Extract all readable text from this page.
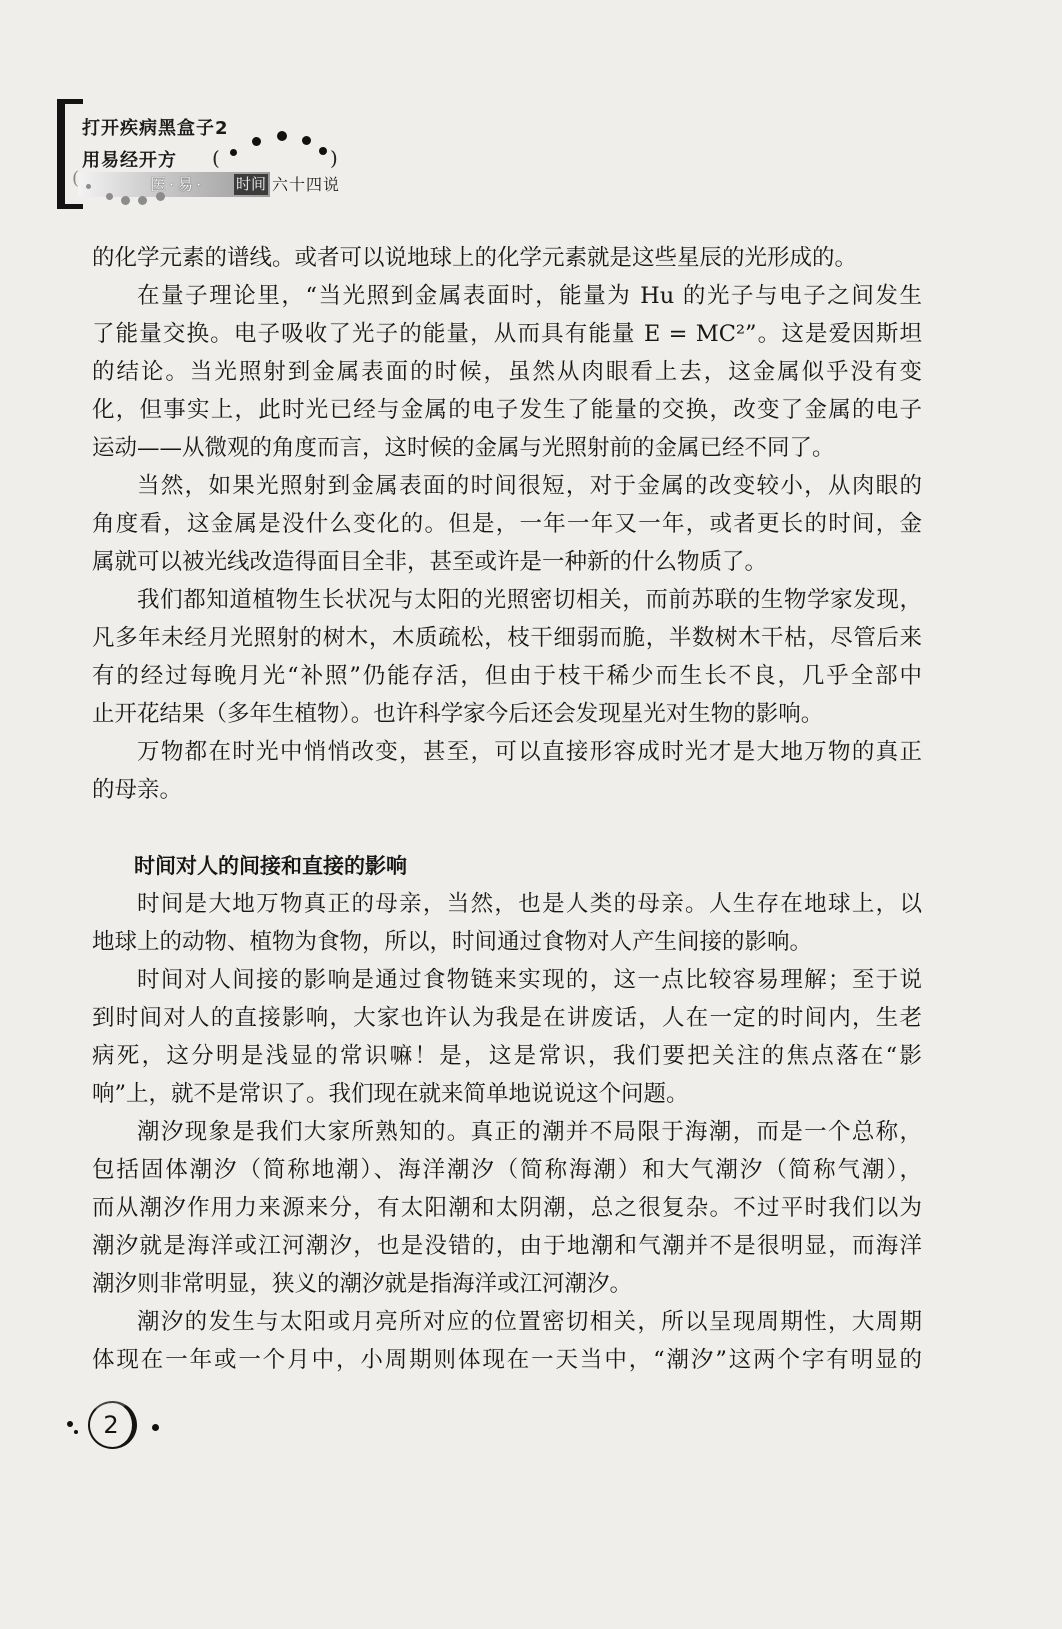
打开疾病黑盒子2
用易经开方 (	)
(	医·易· 时间 六十四说
的化学元素的谱线。或者可以说地球上的化学元素就是这些星辰的光形成的。
在量子理论里，“当光照到金属表面时，能量为 Hu 的光子与电子之间发生
了能量交换。电子吸收了光子的能量，从而具有能量 E = MC²”。这是爱因斯坦
的结论。当光照射到金属表面的时候，虽然从肉眼看上去，这金属似乎没有变
化，但事实上，此时光已经与金属的电子发生了能量的交换，改变了金属的电子
运动——从微观的角度而言，这时候的金属与光照射前的金属已经不同了。
当然，如果光照射到金属表面的时间很短，对于金属的改变较小，从肉眼的
角度看，这金属是没什么变化的。但是，一年一年又一年，或者更长的时间，金
属就可以被光线改造得面目全非，甚至或许是一种新的什么物质了。
我们都知道植物生长状况与太阳的光照密切相关，而前苏联的生物学家发现，
凡多年未经月光照射的树木，木质疏松，枝干细弱而脆，半数树木干枯，尽管后来
有的经过每晚月光“补照”仍能存活，但由于枝干稀少而生长不良，几乎全部中
止开花结果（多年生植物）。也许科学家今后还会发现星光对生物的影响。
万物都在时光中悄悄改变，甚至，可以直接形容成时光才是大地万物的真正
的母亲。
时间对人的间接和直接的影响
时间是大地万物真正的母亲，当然，也是人类的母亲。人生存在地球上，以
地球上的动物、植物为食物，所以，时间通过食物对人产生间接的影响。
时间对人间接的影响是通过食物链来实现的，这一点比较容易理解；至于说
到时间对人的直接影响，大家也许认为我是在讲废话，人在一定的时间内，生老
病死，这分明是浅显的常识嘛！是，这是常识，我们要把关注的焦点落在“影
响”上，就不是常识了。我们现在就来简单地说说这个问题。
潮汐现象是我们大家所熟知的。真正的潮并不局限于海潮，而是一个总称，
包括固体潮汐（简称地潮）、海洋潮汐（简称海潮）和大气潮汐（简称气潮），
而从潮汐作用力来源来分，有太阳潮和太阴潮，总之很复杂。不过平时我们以为
潮汐就是海洋或江河潮汐，也是没错的，由于地潮和气潮并不是很明显，而海洋
潮汐则非常明显，狭义的潮汐就是指海洋或江河潮汐。
潮汐的发生与太阳或月亮所对应的位置密切相关，所以呈现周期性，大周期
体现在一年或一个月中，小周期则体现在一天当中，“潮汐”这两个字有明显的
2
